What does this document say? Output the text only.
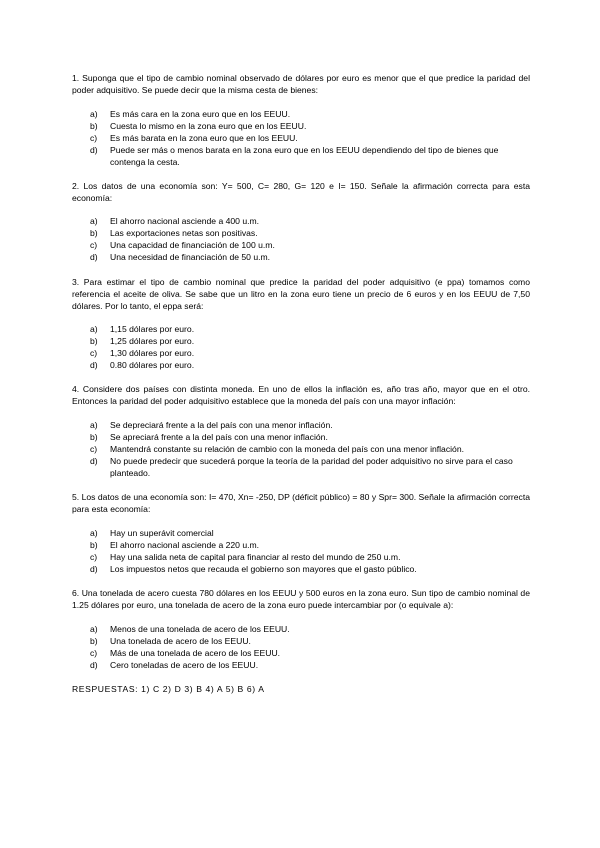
1. Suponga que el tipo de cambio nominal observado de dólares por euro es menor que el que predice la paridad del poder adquisitivo. Se puede decir que la misma cesta de bienes:

a) Es más cara en la zona euro que en los EEUU.
b) Cuesta lo mismo en la zona euro que en los EEUU.
c) Es más barata en la zona euro que en los EEUU.
d) Puede ser más o menos barata en la zona euro que en los EEUU dependiendo del tipo de bienes que contenga la cesta.

2. Los datos de una economía son: Y= 500, C= 280, G= 120 e I= 150. Señale la afirmación correcta para esta economía:

a) El ahorro nacional asciende a 400 u.m.
b) Las exportaciones netas son positivas.
c) Una capacidad de financiación de 100 u.m.
d) Una necesidad de financiación de 50 u.m.

3. Para estimar el tipo de cambio nominal que predice la paridad del poder adquisitivo (e ppa) tomamos como referencia el aceite de oliva. Se sabe que un litro en la zona euro tiene un precio de 6 euros y en los EEUU de 7,50 dólares. Por lo tanto, el eppa será:

a) 1,15 dólares por euro.
b) 1,25 dólares por euro.
c) 1,30 dólares por euro.
d) 0.80 dólares por euro.

4. Considere dos países con distinta moneda. En uno de ellos la inflación es, año tras año, mayor que en el otro. Entonces la paridad del poder adquisitivo establece que la moneda del país con una mayor inflación:

a) Se depreciará frente a la del país con una menor inflación.
b) Se apreciará frente a la del país con una menor inflación.
c) Mantendrá constante su relación de cambio con la moneda del país con una menor inflación.
d) No puede predecir que sucederá porque la teoría de la paridad del poder adquisitivo no sirve para el caso planteado.

5. Los datos de una economía son: I= 470, Xn= -250, DP (déficit público) = 80 y Spr= 300. Señale la afirmación correcta para esta economía:

a) Hay un superávit comercial
b) El ahorro nacional asciende a 220 u.m.
c) Hay una salida neta de capital para financiar al resto del mundo de 250 u.m.
d) Los impuestos netos que recauda el gobierno son mayores que el gasto público.

6. Una tonelada de acero cuesta 780 dólares en los EEUU y 500 euros en la zona euro. Sun tipo de cambio nominal de 1.25 dólares por euro, una tonelada de acero de la zona euro puede intercambiar por (o equivale a):

a) Menos de una tonelada de acero de los EEUU.
b) Una tonelada de acero de los EEUU.
c) Más de una tonelada de acero de los EEUU.
d) Cero toneladas de acero de los EEUU.

RESPUESTAS: 1) C 2) D 3) B 4) A 5) B 6) A
